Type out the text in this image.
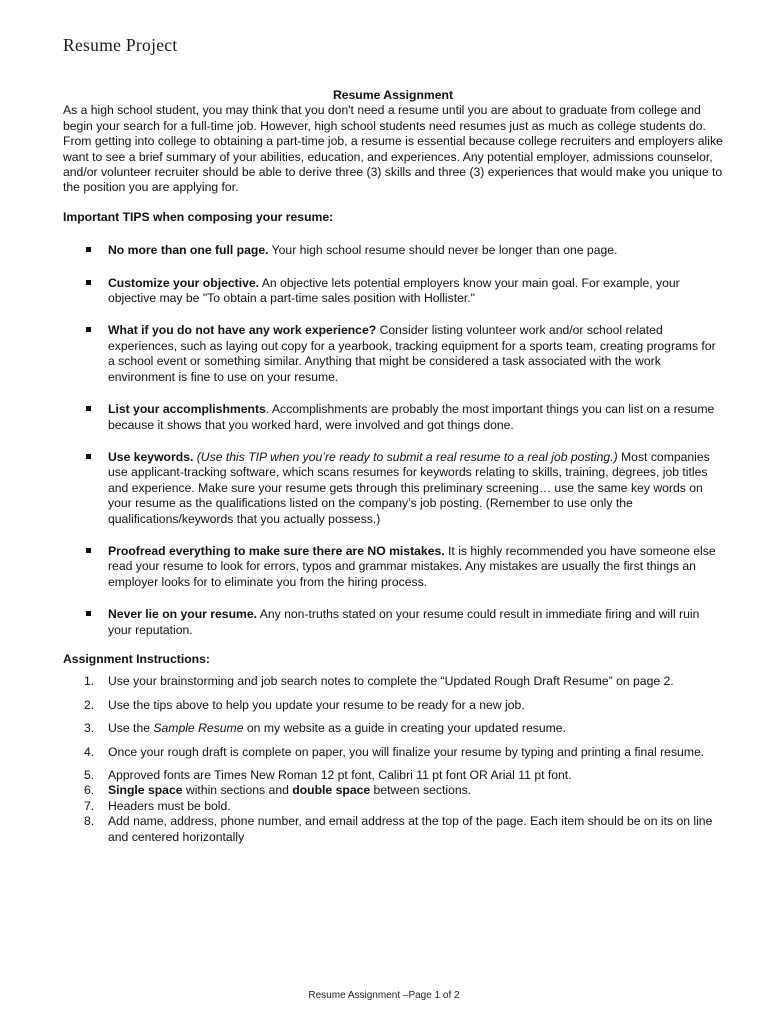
Resume Project

Resume Assignment

As a high school student, you may think that you don't need a resume until you are about to graduate from college and begin your search for a full-time job. However, high school students need resumes just as much as college students do. From getting into college to obtaining a part-time job, a resume is essential because college recruiters and employers alike want to see a brief summary of your abilities, education, and experiences. Any potential employer, admissions counselor, and/or volunteer recruiter should be able to derive three (3) skills and three (3) experiences that would make you unique to the position you are applying for.

Important TIPS when composing your resume:

No more than one full page. Your high school resume should never be longer than one page.
Customize your objective. An objective lets potential employers know your main goal. For example, your objective may be "To obtain a part-time sales position with Hollister."
What if you do not have any work experience? Consider listing volunteer work and/or school related experiences, such as laying out copy for a yearbook, tracking equipment for a sports team, creating programs for a school event or something similar. Anything that might be considered a task associated with the work environment is fine to use on your resume.
List your accomplishments. Accomplishments are probably the most important things you can list on a resume because it shows that you worked hard, were involved and got things done.
Use keywords. (Use this TIP when you’re ready to submit a real resume to a real job posting.) Most companies use applicant-tracking software, which scans resumes for keywords relating to skills, training, degrees, job titles and experience. Make sure your resume gets through this preliminary screening… use the same key words on your resume as the qualifications listed on the company’s job posting. (Remember to use only the qualifications/keywords that you actually possess.)
Proofread everything to make sure there are NO mistakes. It is highly recommended you have someone else read your resume to look for errors, typos and grammar mistakes. Any mistakes are usually the first things an employer looks for to eliminate you from the hiring process.
Never lie on your resume. Any non-truths stated on your resume could result in immediate firing and will ruin your reputation.

Assignment Instructions:

1. Use your brainstorming and job search notes to complete the “Updated Rough Draft Resume” on page 2.
2. Use the tips above to help you update your resume to be ready for a new job.
3. Use the Sample Resume on my website as a guide in creating your updated resume.
4. Once your rough draft is complete on paper, you will finalize your resume by typing and printing a final resume.
5. Approved fonts are Times New Roman 12 pt font, Calibri 11 pt font OR Arial 11 pt font.
6. Single space within sections and double space between sections.
7. Headers must be bold.
8. Add name, address, phone number, and email address at the top of the page. Each item should be on its on line and centered horizontally
Resume Assignment –Page 1 of 2
